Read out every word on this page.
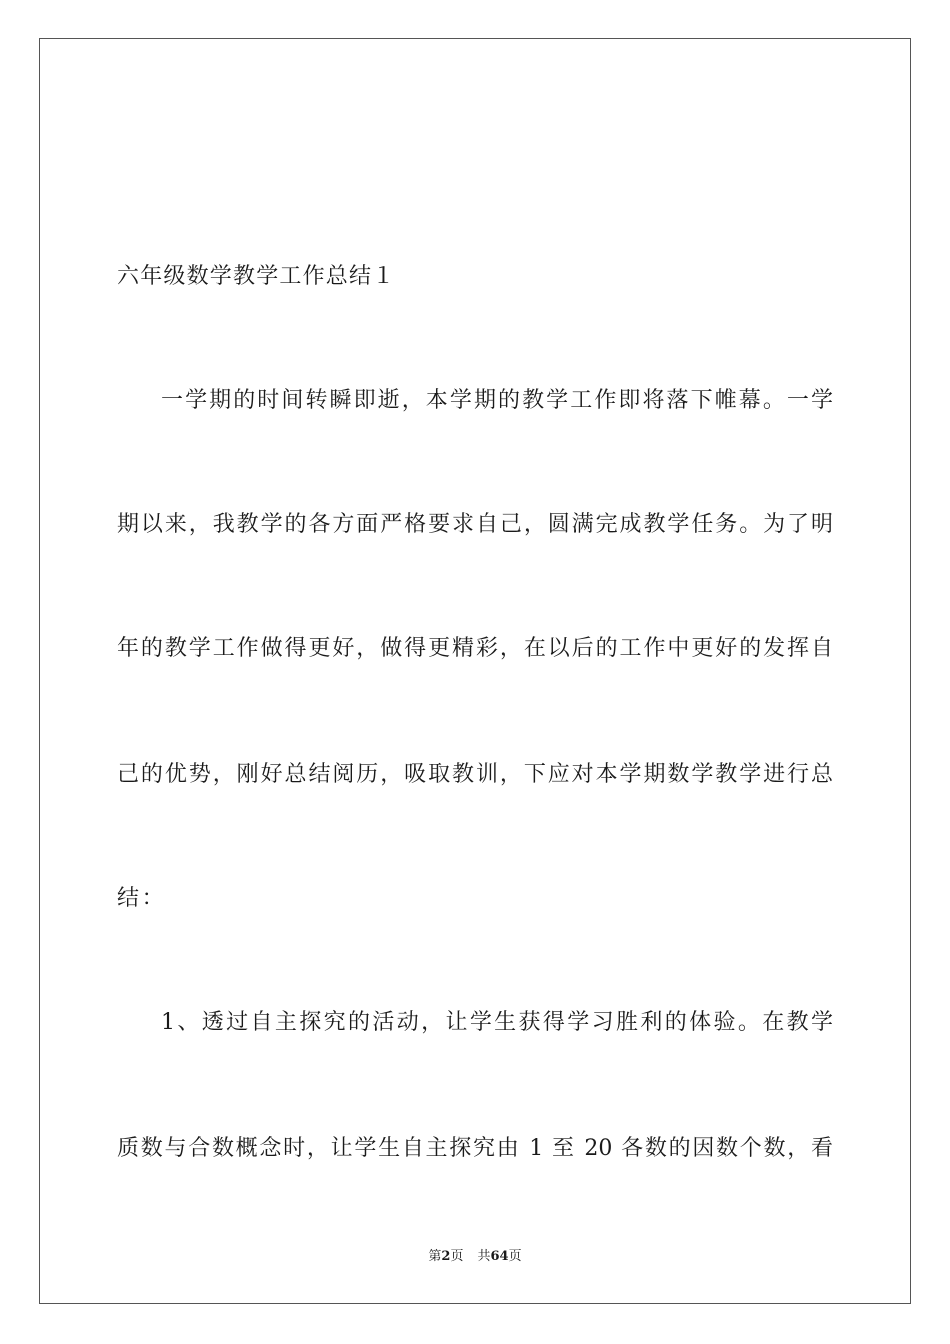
六年级数学教学工作总结１
一学期的时间转瞬即逝，本学期的教学工作即将落下帷幕。一学
期以来，我教学的各方面严格要求自己，圆满完成教学任务。为了明
年的教学工作做得更好，做得更精彩，在以后的工作中更好的发挥自
己的优势，刚好总结阅历，吸取教训，下应对本学期数学教学进行总
结：
1、透过自主探究的活动，让学生获得学习胜利的体验。在教学
质数与合数概念时，让学生自主探究由 1 至 20 各数的因数个数，看
第2页 共64页
